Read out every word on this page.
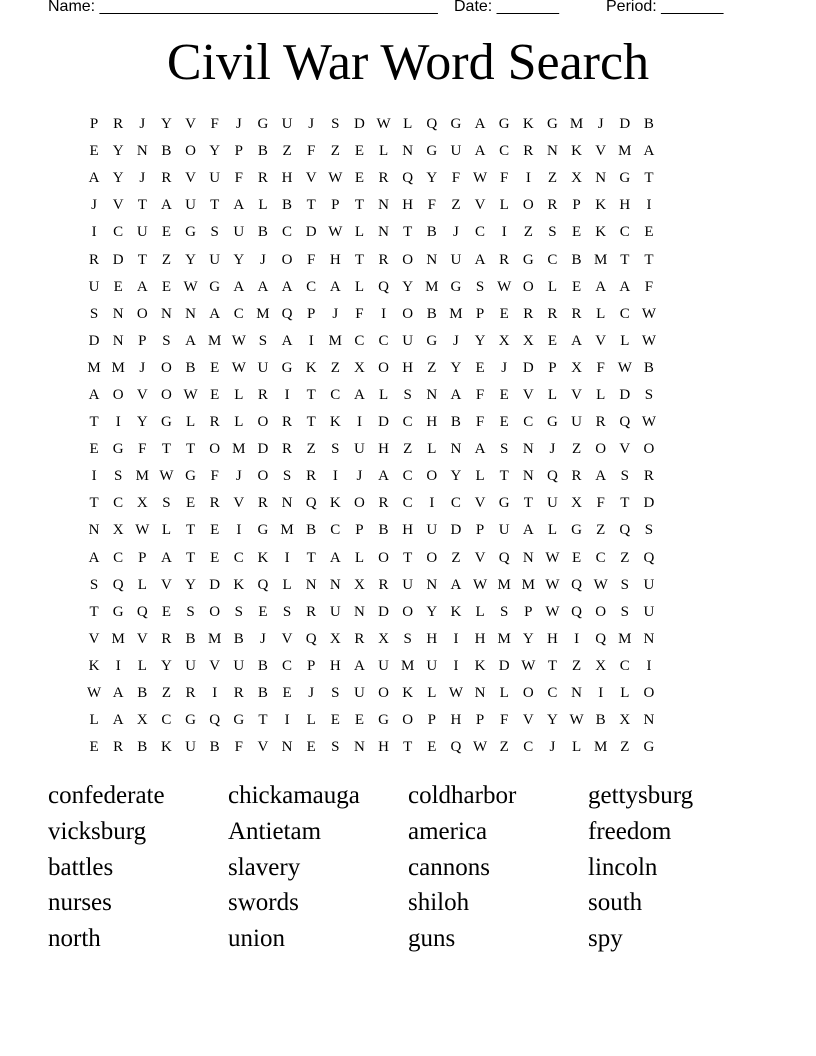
Name: ______________________________________ Date: _______	Period: _______
Civil War Word Search
P	R	J	Y	V	F	J	G	U	J	S	D	W	L	Q	G	A	G	K	G	M	J	D	B
E	Y	N	B	O	Y	P	B	Z	F	Z	E	L	N	G	U	A	C	R	N	K	V	M	A
A	Y	J	R	V	U	F	R	H	V	W	E	R	Q	Y	F	W	F	I	Z	X	N	G	T
J	V	T	A	U	T	A	L	B	T	P	T	N	H	F	Z	V	L	O	R	P	K	H	I
I	C	U	E	G	S	U	B	C	D	W	L	N	T	B	J	C	I	Z	S	E	K	C	E
R	D	T	Z	Y	U	Y	J	O	F	H	T	R	O	N	U	A	R	G	C	B	M	T	T
U	E	A	E	W	G	A	A	A	C	A	L	Q	Y	M	G	S	W	O	L	E	A	A	F
S	N	O	N	N	A	C	M	Q	P	J	F	I	O	B	M	P	E	R	R	R	L	C	W
D	N	P	S	A	M	W	S	A	I	M	C	C	U	G	J	Y	X	X	E	A	V	L	W
M	M	J	O	B	E	W	U	G	K	Z	X	O	H	Z	Y	E	J	D	P	X	F	W	B
A	O	V	O	W	E	L	R	I	T	C	A	L	S	N	A	F	E	V	L	V	L	D	S
T	I	Y	G	L	R	L	O	R	T	K	I	D	C	H	B	F	E	C	G	U	R	Q	W
E	G	F	T	T	O	M	D	R	Z	S	U	H	Z	L	N	A	S	N	J	Z	O	V	O
I	S	M	W	G	F	J	O	S	R	I	J	A	C	O	Y	L	T	N	Q	R	A	S	R
T	C	X	S	E	R	V	R	N	Q	K	O	R	C	I	C	V	G	T	U	X	F	T	D
N	X	W	L	T	E	I	G	M	B	C	P	B	H	U	D	P	U	A	L	G	Z	Q	S
A	C	P	A	T	E	C	K	I	T	A	L	O	T	O	Z	V	Q	N	W	E	C	Z	Q
S	Q	L	V	Y	D	K	Q	L	N	N	X	R	U	N	A	W	M	M	W	Q	W	S	U
T	G	Q	E	S	O	S	E	S	R	U	N	D	O	Y	K	L	S	P	W	Q	O	S	U
V	M	V	R	B	M	B	J	V	Q	X	R	X	S	H	I	H	M	Y	H	I	Q	M	N
K	I	L	Y	U	V	U	B	C	P	H	A	U	M	U	I	K	D	W	T	Z	X	C	I
W	A	B	Z	R	I	R	B	E	J	S	U	O	K	L	W	N	L	O	C	N	I	L	O
L	A	X	C	G	Q	G	T	I	L	E	E	G	O	P	H	P	F	V	Y	W	B	X	N
E	R	B	K	U	B	F	V	N	E	S	N	H	T	E	Q	W	Z	C	J	L	M	Z	G
confederate	chickamauga	coldharbor	gettysburg
vicksburg	Antietam	america	freedom
battles	slavery	cannons	lincoln
nurses	swords	shiloh	south
north	union	guns	spy
